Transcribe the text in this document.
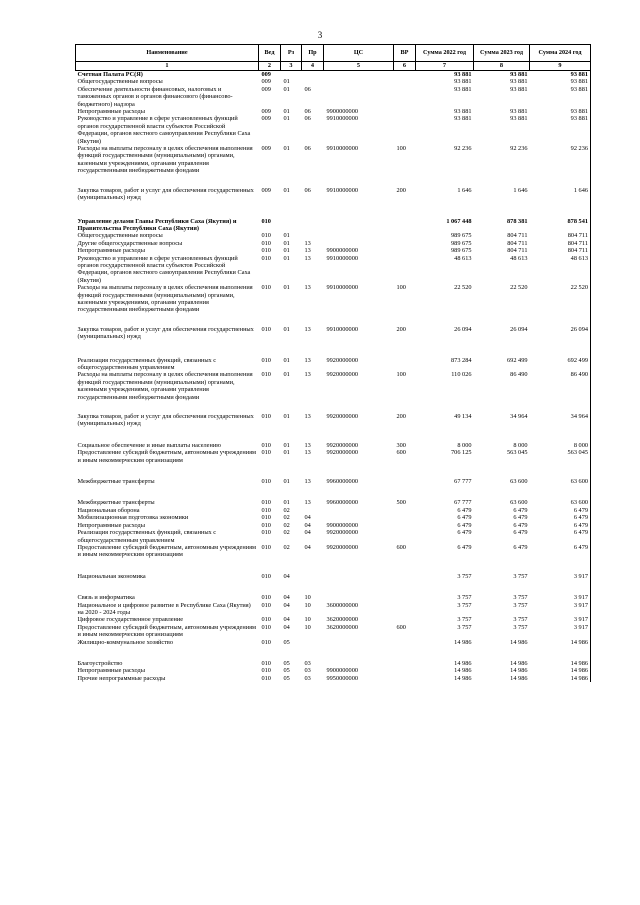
3
Наименование	Вед	Рз	Пр	ЦС	ВР	Сумма 2022 год	Сумма 2023 год	Сумма 2024 год
1	2	3	4	5	6	7	8	9
Счетная Палата РС(Я)	009					93 881	93 881	93 881
Общегосударственные вопросы	009	01				93 881	93 881	93 881
Обеспечение деятельности финансовых, налоговых и таможенных органов и органов финансового (финансово-бюджетного) надзора	009	01	06			93 881	93 881	93 881
Непрограммные расходы	009	01	06	9900000000		93 881	93 881	93 881
Руководство и управление в сфере установленных функций органов государственной власти субъектов Российской Федерации, органов местного самоуправления Республики Саха (Якутия)	009	01	06	9910000000		93 881	93 881	93 881
Расходы на выплаты персоналу в целях обеспечения выполнения функций государственными (муниципальными) органами, казенными учреждениями, органами управления государственными внебюджетными фондами	009	01	06	9910000000	100	92 236	92 236	92 236
Закупка товаров, работ и услуг для обеспечения государственных (муниципальных) нужд	009	01	06	9910000000	200	1 646	1 646	1 646
Управление делами Главы Республики Саха (Якутия) и Правительства Республики Саха (Якутия)	010					1 067 448	878 381	878 541
Общегосударственные вопросы	010	01				989 675	804 711	804 711
Другие общегосударственные вопросы	010	01	13			989 675	804 711	804 711
Непрограммные расходы	010	01	13	9900000000		989 675	804 711	804 711
Руководство и управление в сфере установленных функций органов государственной власти субъектов Российской Федерации, органов местного самоуправления Республики Саха (Якутия)	010	01	13	9910000000		48 613	48 613	48 613
Расходы на выплаты персоналу в целях обеспечения выполнения функций государственными (муниципальными) органами, казенными учреждениями, органами управления государственными внебюджетными фондами	010	01	13	9910000000	100	22 520	22 520	22 520
Закупка товаров, работ и услуг для обеспечения государственных (муниципальных) нужд	010	01	13	9910000000	200	26 094	26 094	26 094
Реализация государственных функций, связанных с общегосударственным управлением	010	01	13	9920000000		873 284	692 499	692 499
Расходы на выплаты персоналу в целях обеспечения выполнения функций государственными (муниципальными) органами, казенными учреждениями, органами управления государственными внебюджетными фондами	010	01	13	9920000000	100	110 026	86 490	86 490
Закупка товаров, работ и услуг для обеспечения государственных (муниципальных) нужд	010	01	13	9920000000	200	49 134	34 964	34 964
Социальное обеспечение и иные выплаты населению	010	01	13	9920000000	300	8 000	8 000	8 000
Предоставление субсидий бюджетным, автономным учреждениям и иным некоммерческим организациям	010	01	13	9920000000	600	706 125	563 045	563 045
Межбюджетные трансферты	010	01	13	9960000000		67 777	63 600	63 600
Межбюджетные трансферты	010	01	13	9960000000	500	67 777	63 600	63 600
Национальная оборона	010	02				6 479	6 479	6 479
Мобилизационная подготовка экономики	010	02	04			6 479	6 479	6 479
Непрограммные расходы	010	02	04	9900000000		6 479	6 479	6 479
Реализация государственных функций, связанных с общегосударственным управлением	010	02	04	9920000000		6 479	6 479	6 479
Предоставление субсидий бюджетным, автономным учреждениям и иным некоммерческим организациям	010	02	04	9920000000	600	6 479	6 479	6 479
Национальная экономика	010	04				3 757	3 757	3 917
Связь и информатика	010	04	10			3 757	3 757	3 917
Национальное и цифровое развитие в Республике Саха (Якутия) на 2020 - 2024 годы	010	04	10	3600000000		3 757	3 757	3 917
Цифровое государственное управление	010	04	10	3620000000		3 757	3 757	3 917
Предоставление субсидий бюджетным, автономным учреждениям и иным некоммерческим организациям	010	04	10	3620000000	600	3 757	3 757	3 917
Жилищно-коммунальное хозяйство	010	05				14 986	14 986	14 986
Благоустройство	010	05	03			14 986	14 986	14 986
Непрограммные расходы	010	05	03	9900000000		14 986	14 986	14 986
Прочие непрограммные расходы	010	05	03	9950000000		14 986	14 986	14 986
